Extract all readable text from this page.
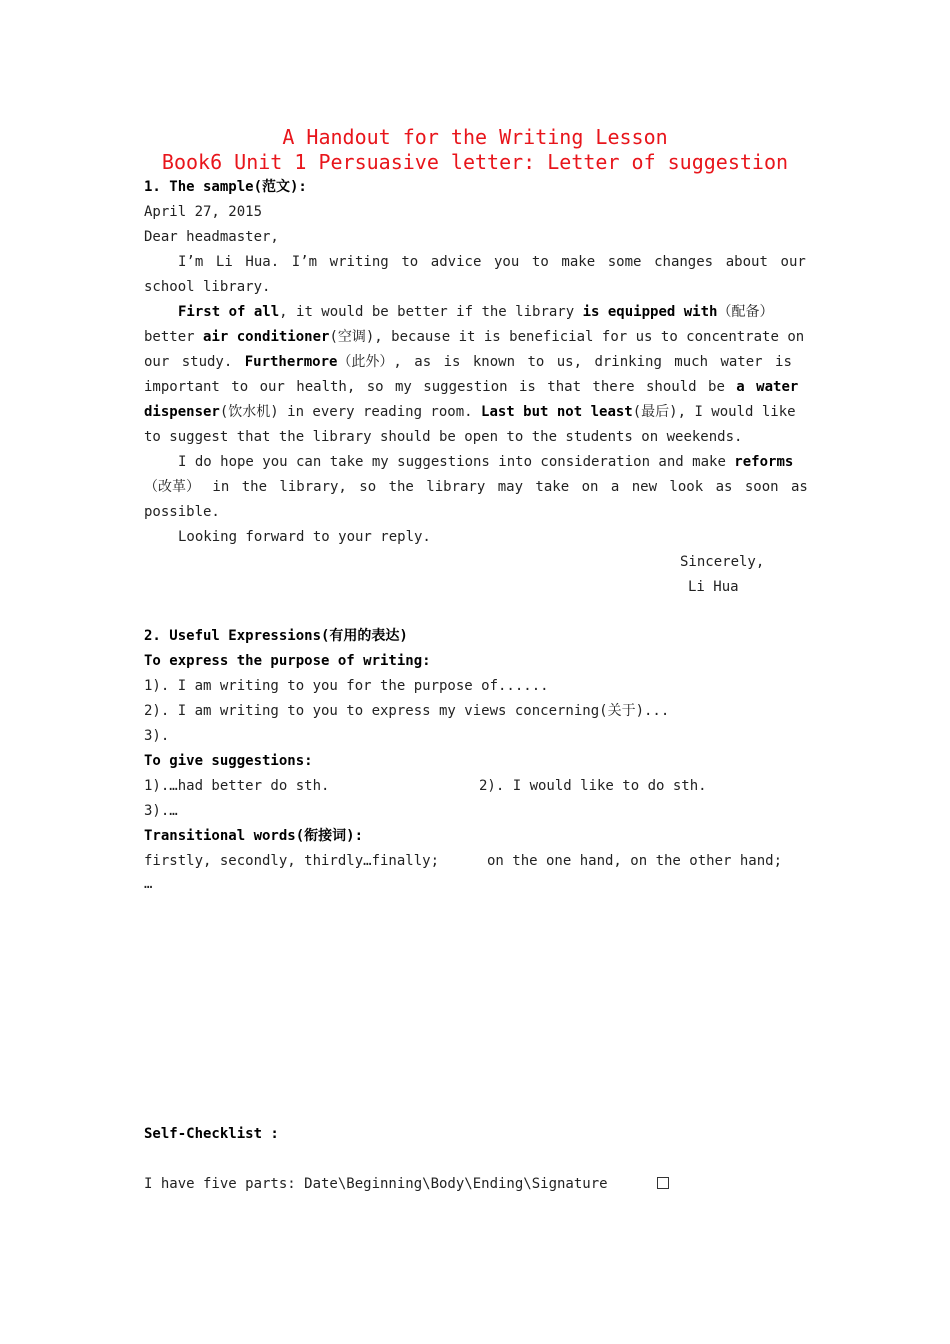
A Handout for the Writing Lesson
Book6 Unit 1 Persuasive letter: Letter of suggestion
1. The sample(范文):
April 27, 2015
Dear headmaster,
I’m Li Hua. I’m writing to advice you to make some changes about our
school library.
First of all, it would be better if the library is equipped with（配备）
better air conditioner(空调), because it is beneficial for us to concentrate on
our study. Furthermore（此外）, as is known to us, drinking much water is
important to our health, so my suggestion is that there should be a water
dispenser(饮水机) in every reading room. Last but not least(最后), I would like
to suggest that the library should be open to the students on weekends.
I do hope you can take my suggestions into consideration and make reforms
（改革） in the library, so the library may take on a new look as soon as
possible.
Looking forward to your reply.
Sincerely,
Li Hua
2. Useful Expressions(有用的表达)
To express the purpose of writing:
1). I am writing to you for the purpose of......
2). I am writing to you to express my views concerning(关于)...
3).
To give suggestions:
1).…had better do sth.	2). I would like to do sth.
3).…
Transitional words(衔接词):
firstly, secondly, thirdly…finally;	on the one hand, on the other hand;
…
Self-Checklist :
I have five parts: Date\Beginning\Body\Ending\Signature
